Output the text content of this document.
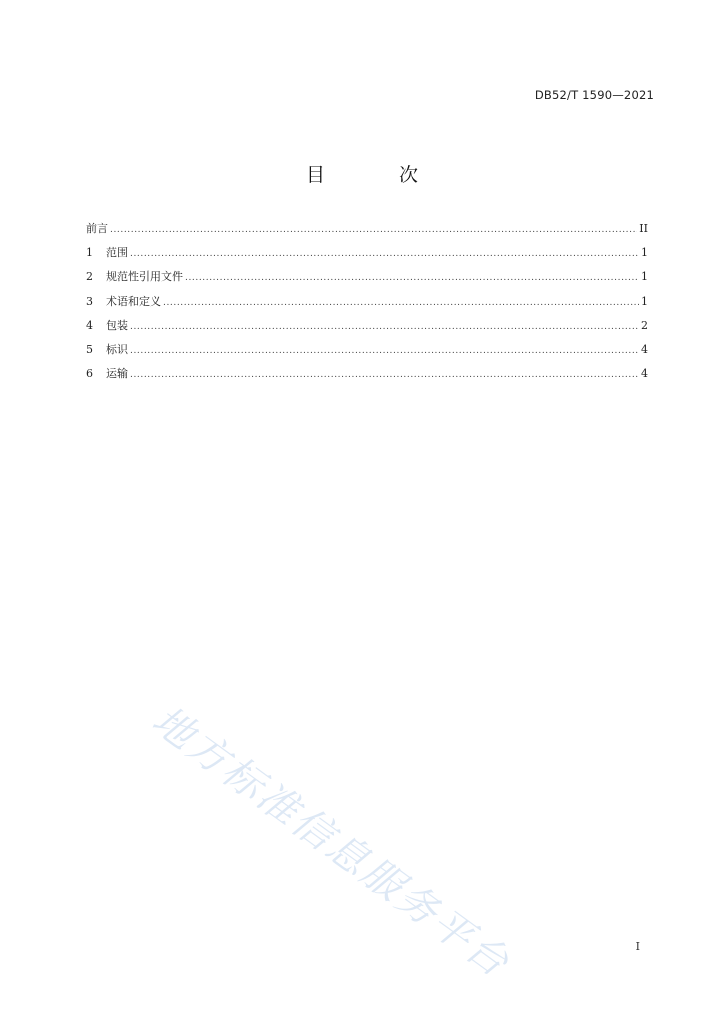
DB52/T 1590—2021
目 次
前言 .....	II
1	范围 .....	1
2	规范性引用文件 .....	1
3	术语和定义 .....	1
4	包装 .....	2
5	标识 .....	4
6	运输 .....	4
地方标准信息服务平台	I
